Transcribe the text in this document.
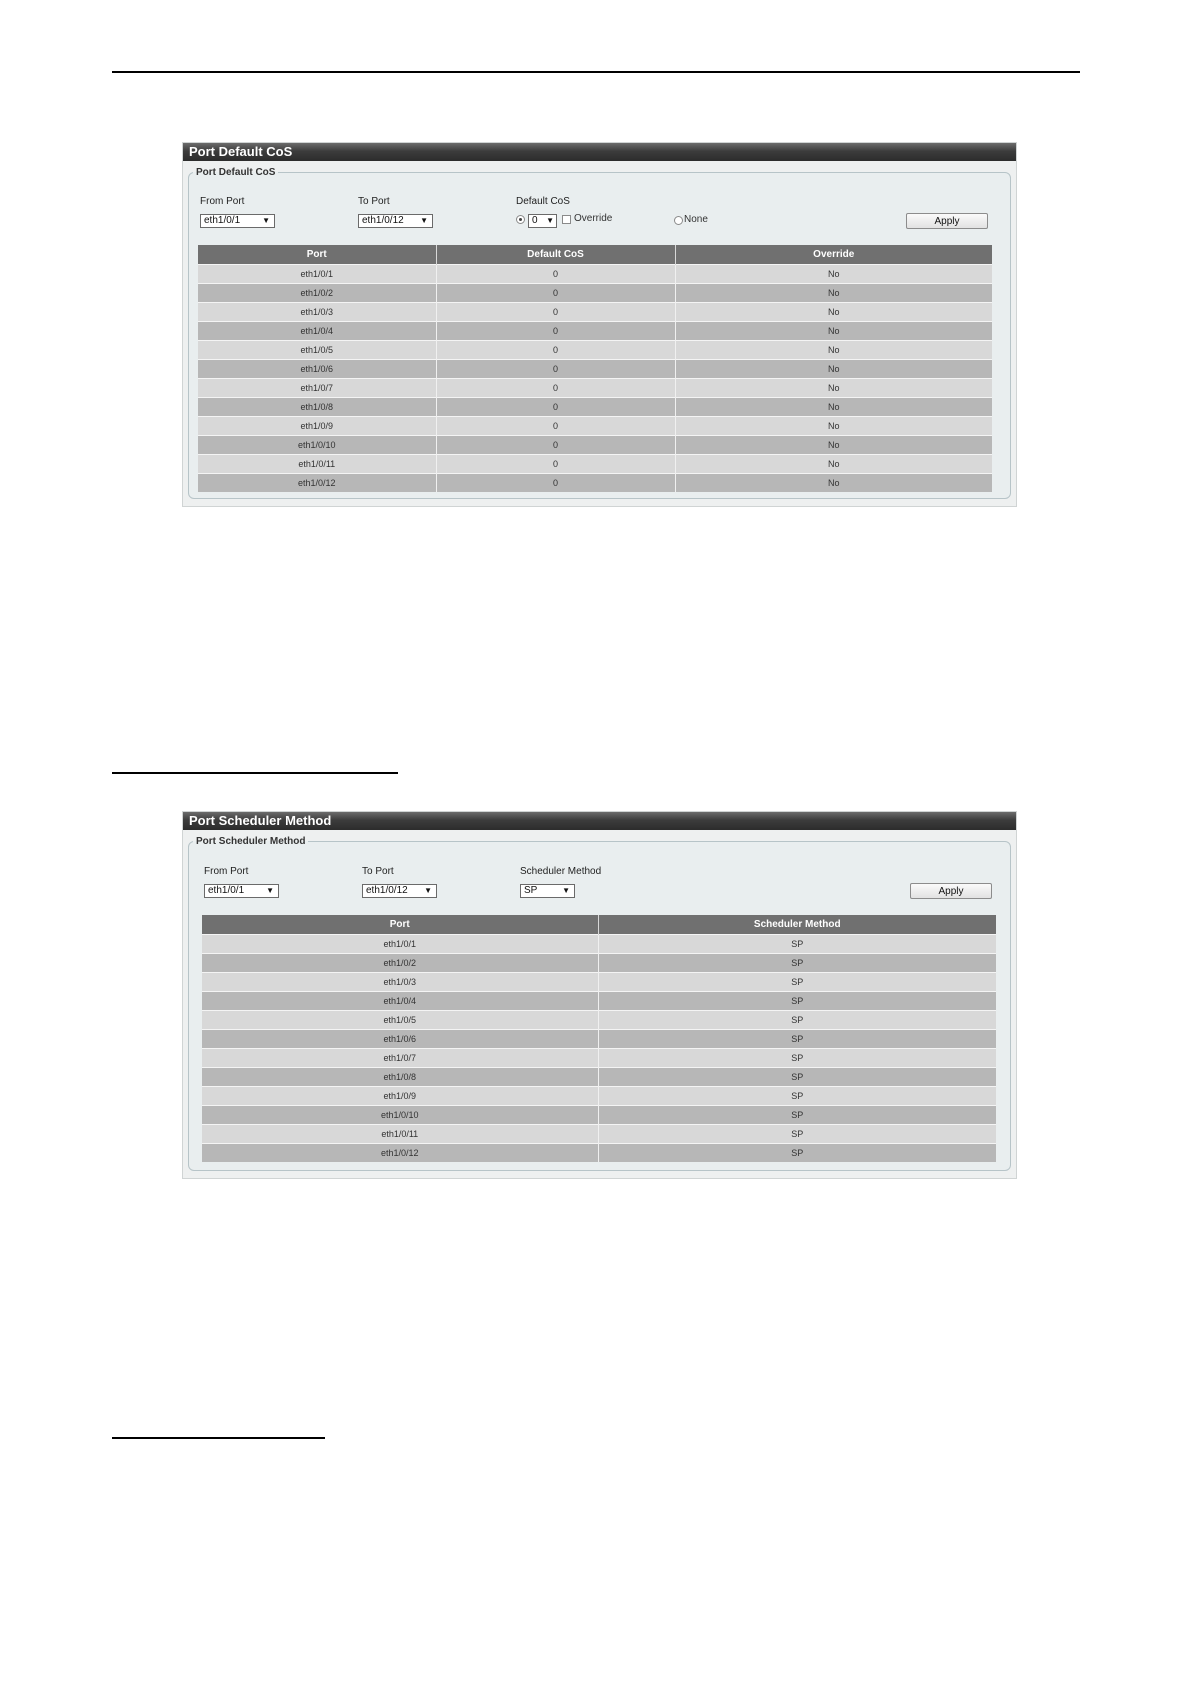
Port Default CoS
Port Default CoS
From Port
eth1/0/1	▼
To Port
eth1/0/12 ▼
Default CoS
0 ▼ Override	None	Apply
Port	Default CoS	Override
eth1/0/1	0	No
eth1/0/2	0	No
eth1/0/3	0	No
eth1/0/4	0	No
eth1/0/5	0	No
eth1/0/6	0	No
eth1/0/7	0	No
eth1/0/8	0	No
eth1/0/9	0	No
eth1/0/10	0	No
eth1/0/11	0	No
eth1/0/12	0	No
Port Scheduler Method
Port Scheduler Method
From Port
eth1/0/1	▼
To Port
eth1/0/12 ▼
Scheduler Method
SP	▼	Apply
Port	Scheduler Method
eth1/0/1	SP
eth1/0/2	SP
eth1/0/3	SP
eth1/0/4	SP
eth1/0/5	SP
eth1/0/6	SP
eth1/0/7	SP
eth1/0/8	SP
eth1/0/9	SP
eth1/0/10	SP
eth1/0/11	SP
eth1/0/12	SP
